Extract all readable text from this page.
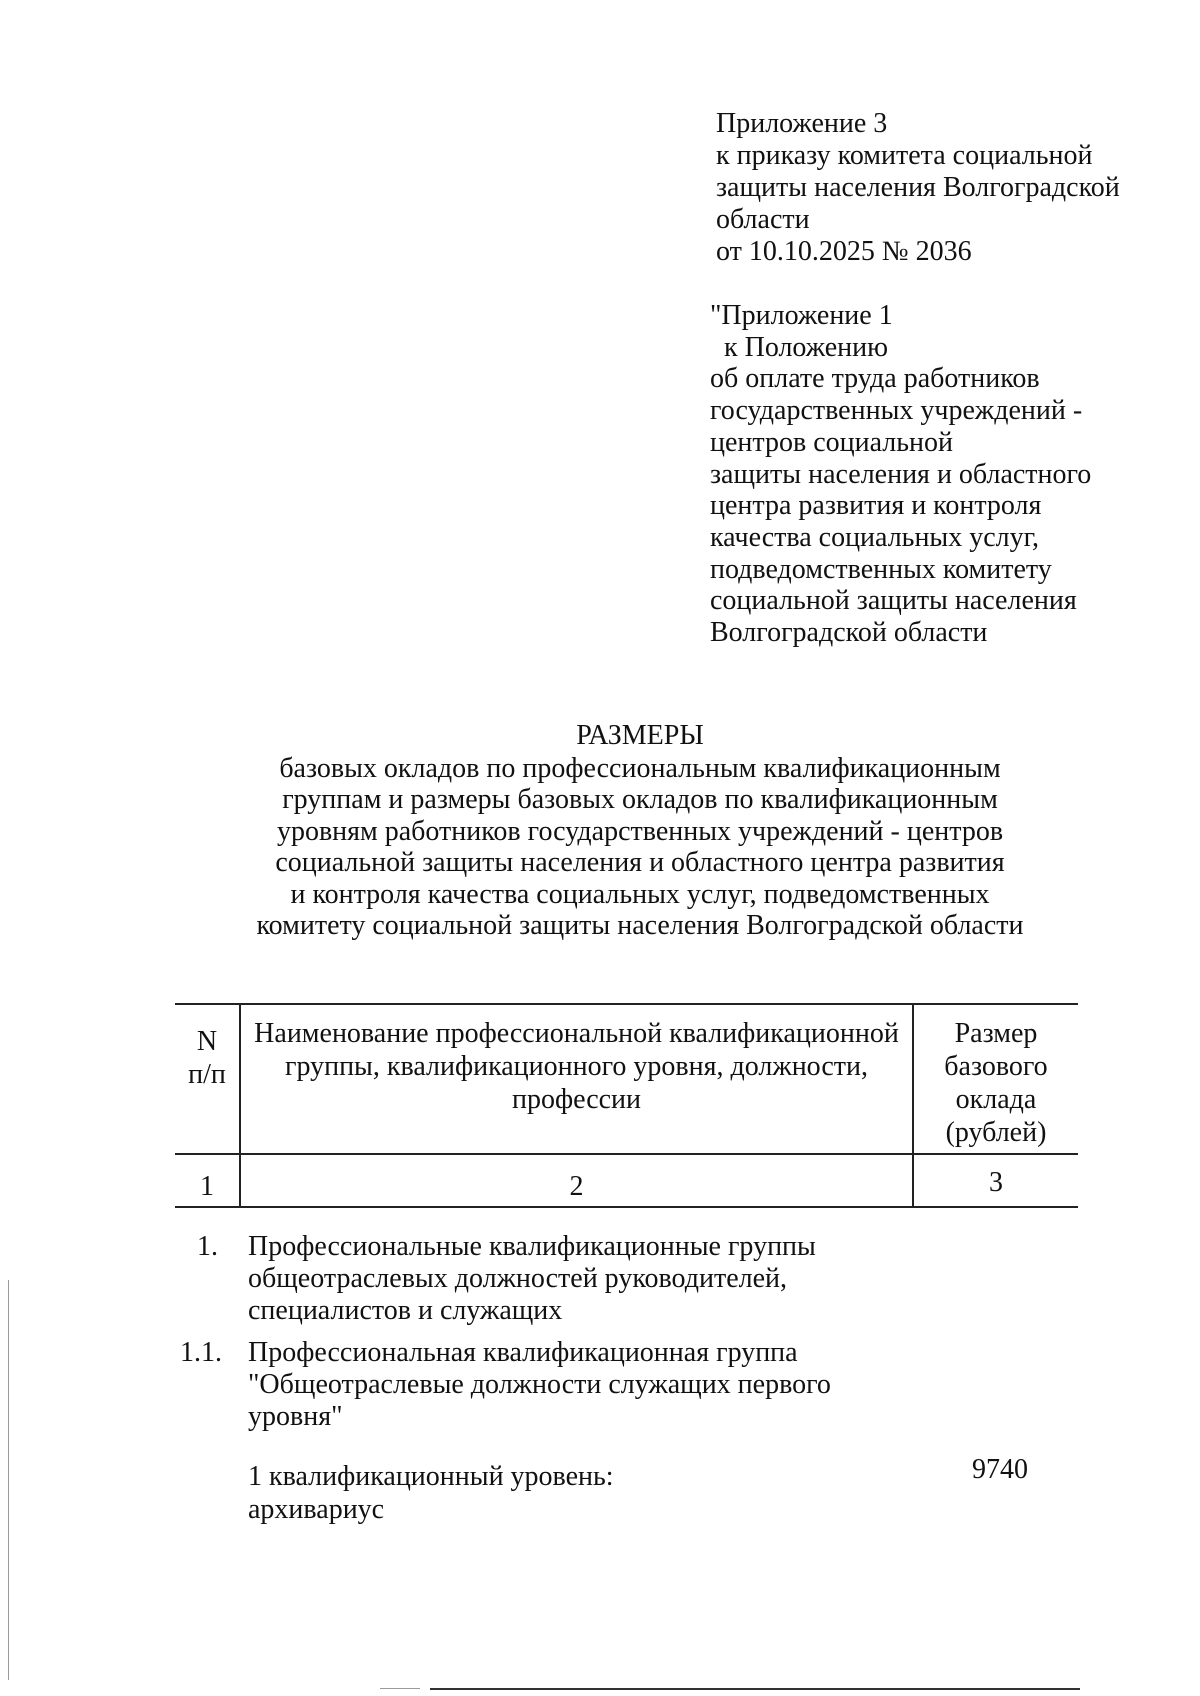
Приложение 3
к приказу комитета социальной
защиты населения Волгоградской
области
от 10.10.2025 № 2036
"Приложение 1
к Положению
об оплате труда работников
государственных учреждений -
центров социальной
защиты населения и областного
центра развития и контроля
качества социальных услуг,
подведомственных комитету
социальной защиты населения
Волгоградской области
РАЗМЕРЫ
базовых окладов по профессиональным квалификационным
группам и размеры базовых окладов по квалификационным
уровням работников государственных учреждений - центров
социальной защиты населения и областного центра развития
и контроля качества социальных услуг, подведомственных
комитету социальной защиты населения Волгоградской области
N
п/п
Наименование профессиональной квалификационной
группы, квалификационного уровня, должности,
профессии
Размер
базового
оклада
(рублей)
1	2	3
1. Профессиональные квалификационные группы
общеотраслевых должностей руководителей,
специалистов и служащих
1.1. Профессиональная квалификационная группа
"Общеотраслевые должности служащих первого
уровня"
1 квалификационный уровень:
архивариус
9740
